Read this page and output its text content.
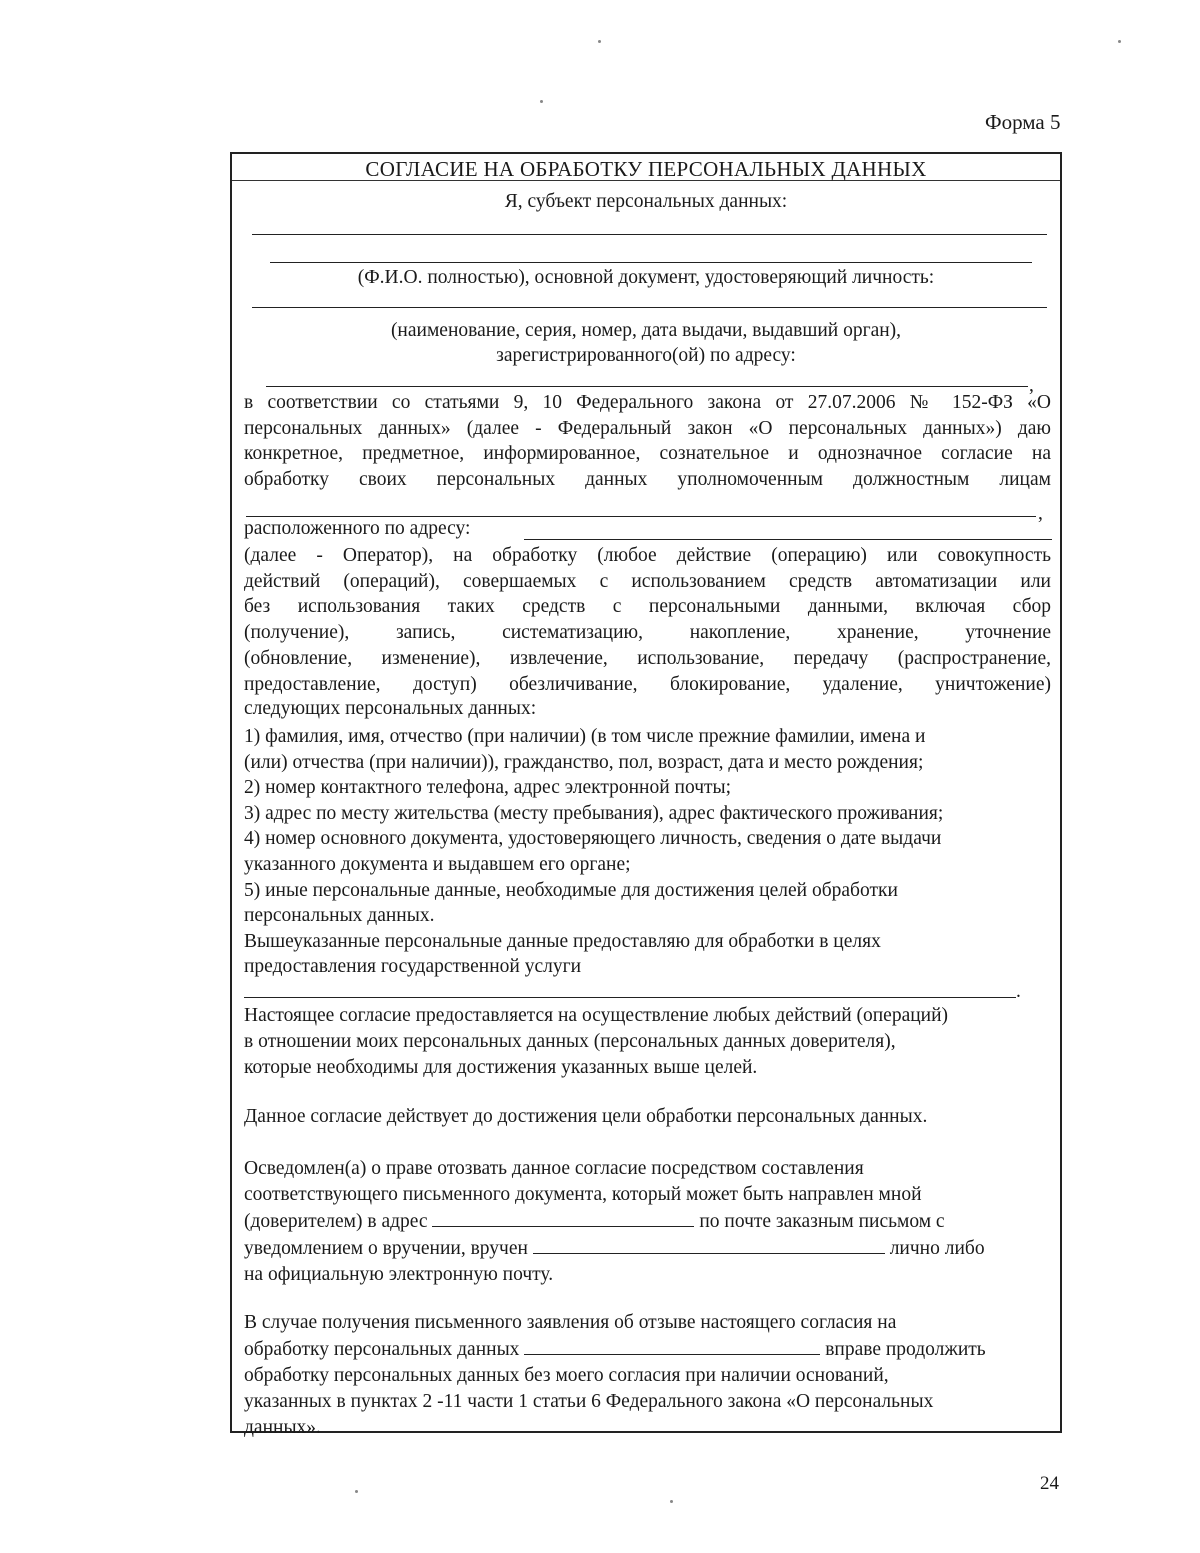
Форма 5
СОГЛАСИЕ НА ОБРАБОТКУ ПЕРСОНАЛЬНЫХ ДАННЫХ
Я, субъект персональных данных:
(Ф.И.О. полностью), основной документ, удостоверяющий личность:
(наименование, серия, номер, дата выдачи, выдавший орган),
зарегистрированного(ой) по адресу:
,
в соответствии со статьями 9, 10 Федерального закона от 27.07.2006 № 152-ФЗ «О
персональных данных» (далее - Федеральный закон «О персональных данных») даю
конкретное, предметное, информированное, сознательное и однозначное согласие на
обработку своих персональных данных уполномоченным должностным лицам
,
расположенного по адресу:
(далее - Оператор), на обработку (любое действие (операцию) или совокупность
действий (операций), совершаемых с использованием средств автоматизации или
без использования таких средств с персональными данными, включая сбор
(получение), запись, систематизацию, накопление, хранение, уточнение
(обновление, изменение), извлечение, использование, передачу (распространение,
предоставление, доступ) обезличивание, блокирование, удаление, уничтожение)
следующих персональных данных:
1) фамилия, имя, отчество (при наличии) (в том числе прежние фамилии, имена и
(или) отчества (при наличии)), гражданство, пол, возраст, дата и место рождения;
2) номер контактного телефона, адрес электронной почты;
3) адрес по месту жительства (месту пребывания), адрес фактического проживания;
4) номер основного документа, удостоверяющего личность, сведения о дате выдачи
указанного документа и выдавшем его органе;
5) иные персональные данные, необходимые для достижения целей обработки
персональных данных.
Вышеуказанные персональные данные предоставляю для обработки в целях
предоставления государственной услуги
.
Настоящее согласие предоставляется на осуществление любых действий (операций)
в отношении моих персональных данных (персональных данных доверителя),
которые необходимы для достижения указанных выше целей.
Данное согласие действует до достижения цели обработки персональных данных.
Осведомлен(а) о праве отозвать данное согласие посредством составления
соответствующего письменного документа, который может быть направлен мной
(доверителем) в адрес	по почте заказным письмом с
уведомлением о вручении, вручен	лично либо
на официальную электронную почту.
В случае получения письменного заявления об отзыве настоящего согласия на
обработку персональных данных	вправе продолжить
обработку персональных данных без моего согласия при наличии оснований,
указанных в пунктах 2 -11 части 1 статьи 6 Федерального закона «О персональных
данных».
24
